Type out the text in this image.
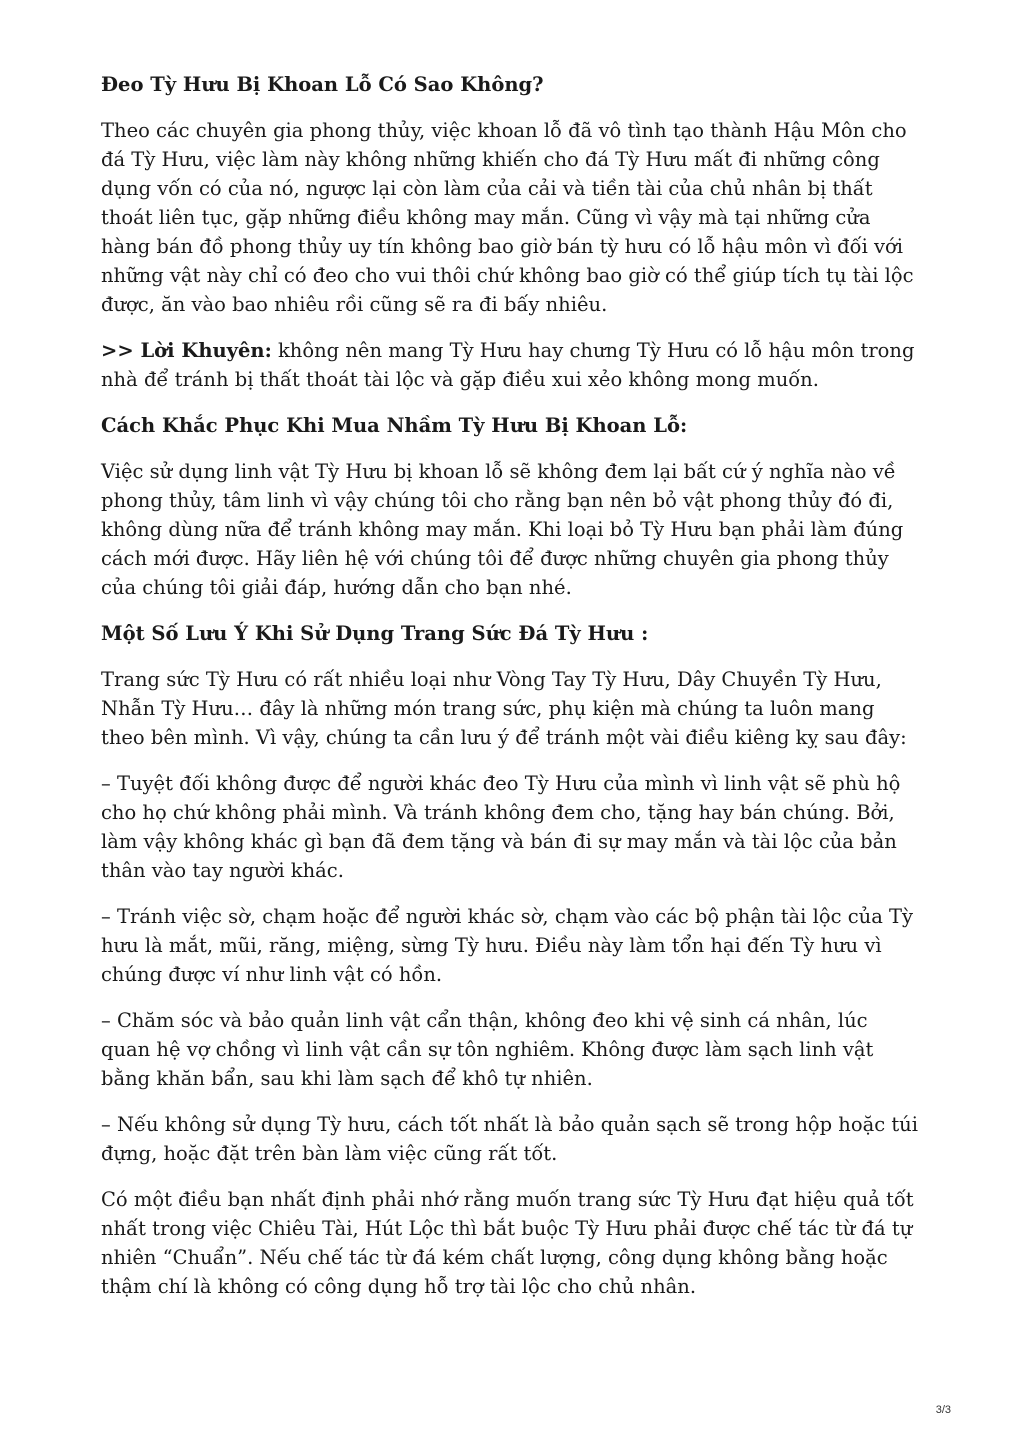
Đeo Tỳ Hưu Bị Khoan Lỗ Có Sao Không?

Theo các chuyên gia phong thủy, việc khoan lỗ đã vô tình tạo thành Hậu Môn cho đá Tỳ Hưu, việc làm này không những khiến cho đá Tỳ Hưu mất đi những công dụng vốn có của nó, ngược lại còn làm của cải và tiền tài của chủ nhân bị thất thoát liên tục, gặp những điều không may mắn. Cũng vì vậy mà tại những cửa hàng bán đồ phong thủy uy tín không bao giờ bán tỳ hưu có lỗ hậu môn vì đối với những vật này chỉ có đeo cho vui thôi chứ không bao giờ có thể giúp tích tụ tài lộc được, ăn vào bao nhiêu rồi cũng sẽ ra đi bấy nhiêu.

>> Lời Khuyên: không nên mang Tỳ Hưu hay chưng Tỳ Hưu có lỗ hậu môn trong nhà để tránh bị thất thoát tài lộc và gặp điều xui xẻo không mong muốn.

Cách Khắc Phục Khi Mua Nhầm Tỳ Hưu Bị Khoan Lỗ:

Việc sử dụng linh vật Tỳ Hưu bị khoan lỗ sẽ không đem lại bất cứ ý nghĩa nào về phong thủy, tâm linh vì vậy chúng tôi cho rằng bạn nên bỏ vật phong thủy đó đi, không dùng nữa để tránh không may mắn. Khi loại bỏ Tỳ Hưu bạn phải làm đúng cách mới được. Hãy liên hệ với chúng tôi để được những chuyên gia phong thủy của chúng tôi giải đáp, hướng dẫn cho bạn nhé.

Một Số Lưu Ý Khi Sử Dụng Trang Sức Đá Tỳ Hưu :

Trang sức Tỳ Hưu có rất nhiều loại như Vòng Tay Tỳ Hưu, Dây Chuyền Tỳ Hưu, Nhẫn Tỳ Hưu… đây là những món trang sức, phụ kiện mà chúng ta luôn mang theo bên mình. Vì vậy, chúng ta cần lưu ý để tránh một vài điều kiêng kỵ sau đây:

– Tuyệt đối không được để người khác đeo Tỳ Hưu của mình vì linh vật sẽ phù hộ cho họ chứ không phải mình. Và tránh không đem cho, tặng hay bán chúng. Bởi, làm vậy không khác gì bạn đã đem tặng và bán đi sự may mắn và tài lộc của bản thân vào tay người khác.

– Tránh việc sờ, chạm hoặc để người khác sờ, chạm vào các bộ phận tài lộc của Tỳ hưu là mắt, mũi, răng, miệng, sừng Tỳ hưu. Điều này làm tổn hại đến Tỳ hưu vì chúng được ví như linh vật có hồn.

– Chăm sóc và bảo quản linh vật cẩn thận, không đeo khi vệ sinh cá nhân, lúc quan hệ vợ chồng vì linh vật cần sự tôn nghiêm. Không được làm sạch linh vật bằng khăn bẩn, sau khi làm sạch để khô tự nhiên.

– Nếu không sử dụng Tỳ hưu, cách tốt nhất là bảo quản sạch sẽ trong hộp hoặc túi đựng, hoặc đặt trên bàn làm việc cũng rất tốt.

Có một điều bạn nhất định phải nhớ rằng muốn trang sức Tỳ Hưu đạt hiệu quả tốt nhất trong việc Chiêu Tài, Hút Lộc thì bắt buộc Tỳ Hưu phải được chế tác từ đá tự nhiên “Chuẩn”. Nếu chế tác từ đá kém chất lượng, công dụng không bằng hoặc thậm chí là không có công dụng hỗ trợ tài lộc cho chủ nhân.

3/3
